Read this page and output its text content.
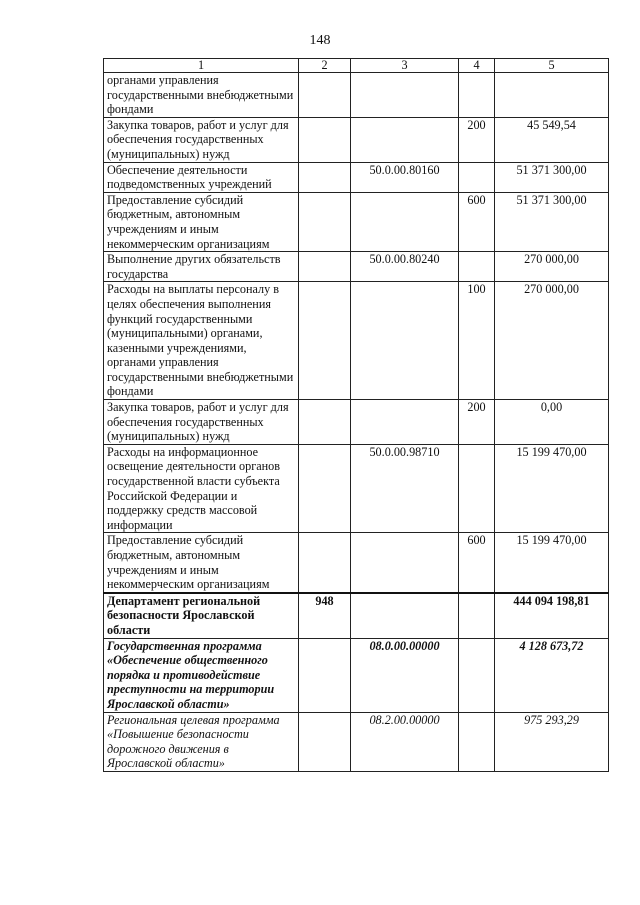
148
1	2	3	4	5
органами управления государственными внебюджетными фондами				
Закупка товаров, работ и услуг для обеспечения государственных (муниципальных) нужд			200	45 549,54
Обеспечение деятельности подведомственных учреждений		50.0.00.80160		51 371 300,00
Предоставление субсидий бюджетным, автономным учреждениям и иным некоммерческим организациям			600	51 371 300,00
Выполнение других обязательств государства		50.0.00.80240		270 000,00
Расходы на выплаты персоналу в целях обеспечения выполнения функций государственными (муниципальными) органами, казенными учреждениями, органами управления государственными внебюджетными фондами			100	270 000,00
Закупка товаров, работ и услуг для обеспечения государственных (муниципальных) нужд			200	0,00
Расходы на информационное освещение деятельности органов государственной власти субъекта Российской Федерации и поддержку средств массовой информации		50.0.00.98710		15 199 470,00
Предоставление субсидий бюджетным, автономным учреждениям и иным некоммерческим организациям			600	15 199 470,00
Департамент региональной безопасности Ярославской области	948			444 094 198,81
Государственная программа «Обеспечение общественного порядка и противодействие преступности на территории Ярославской области»		08.0.00.00000		4 128 673,72
Региональная целевая программа «Повышение безопасности дорожного движения в Ярославской области»		08.2.00.00000		975 293,29
